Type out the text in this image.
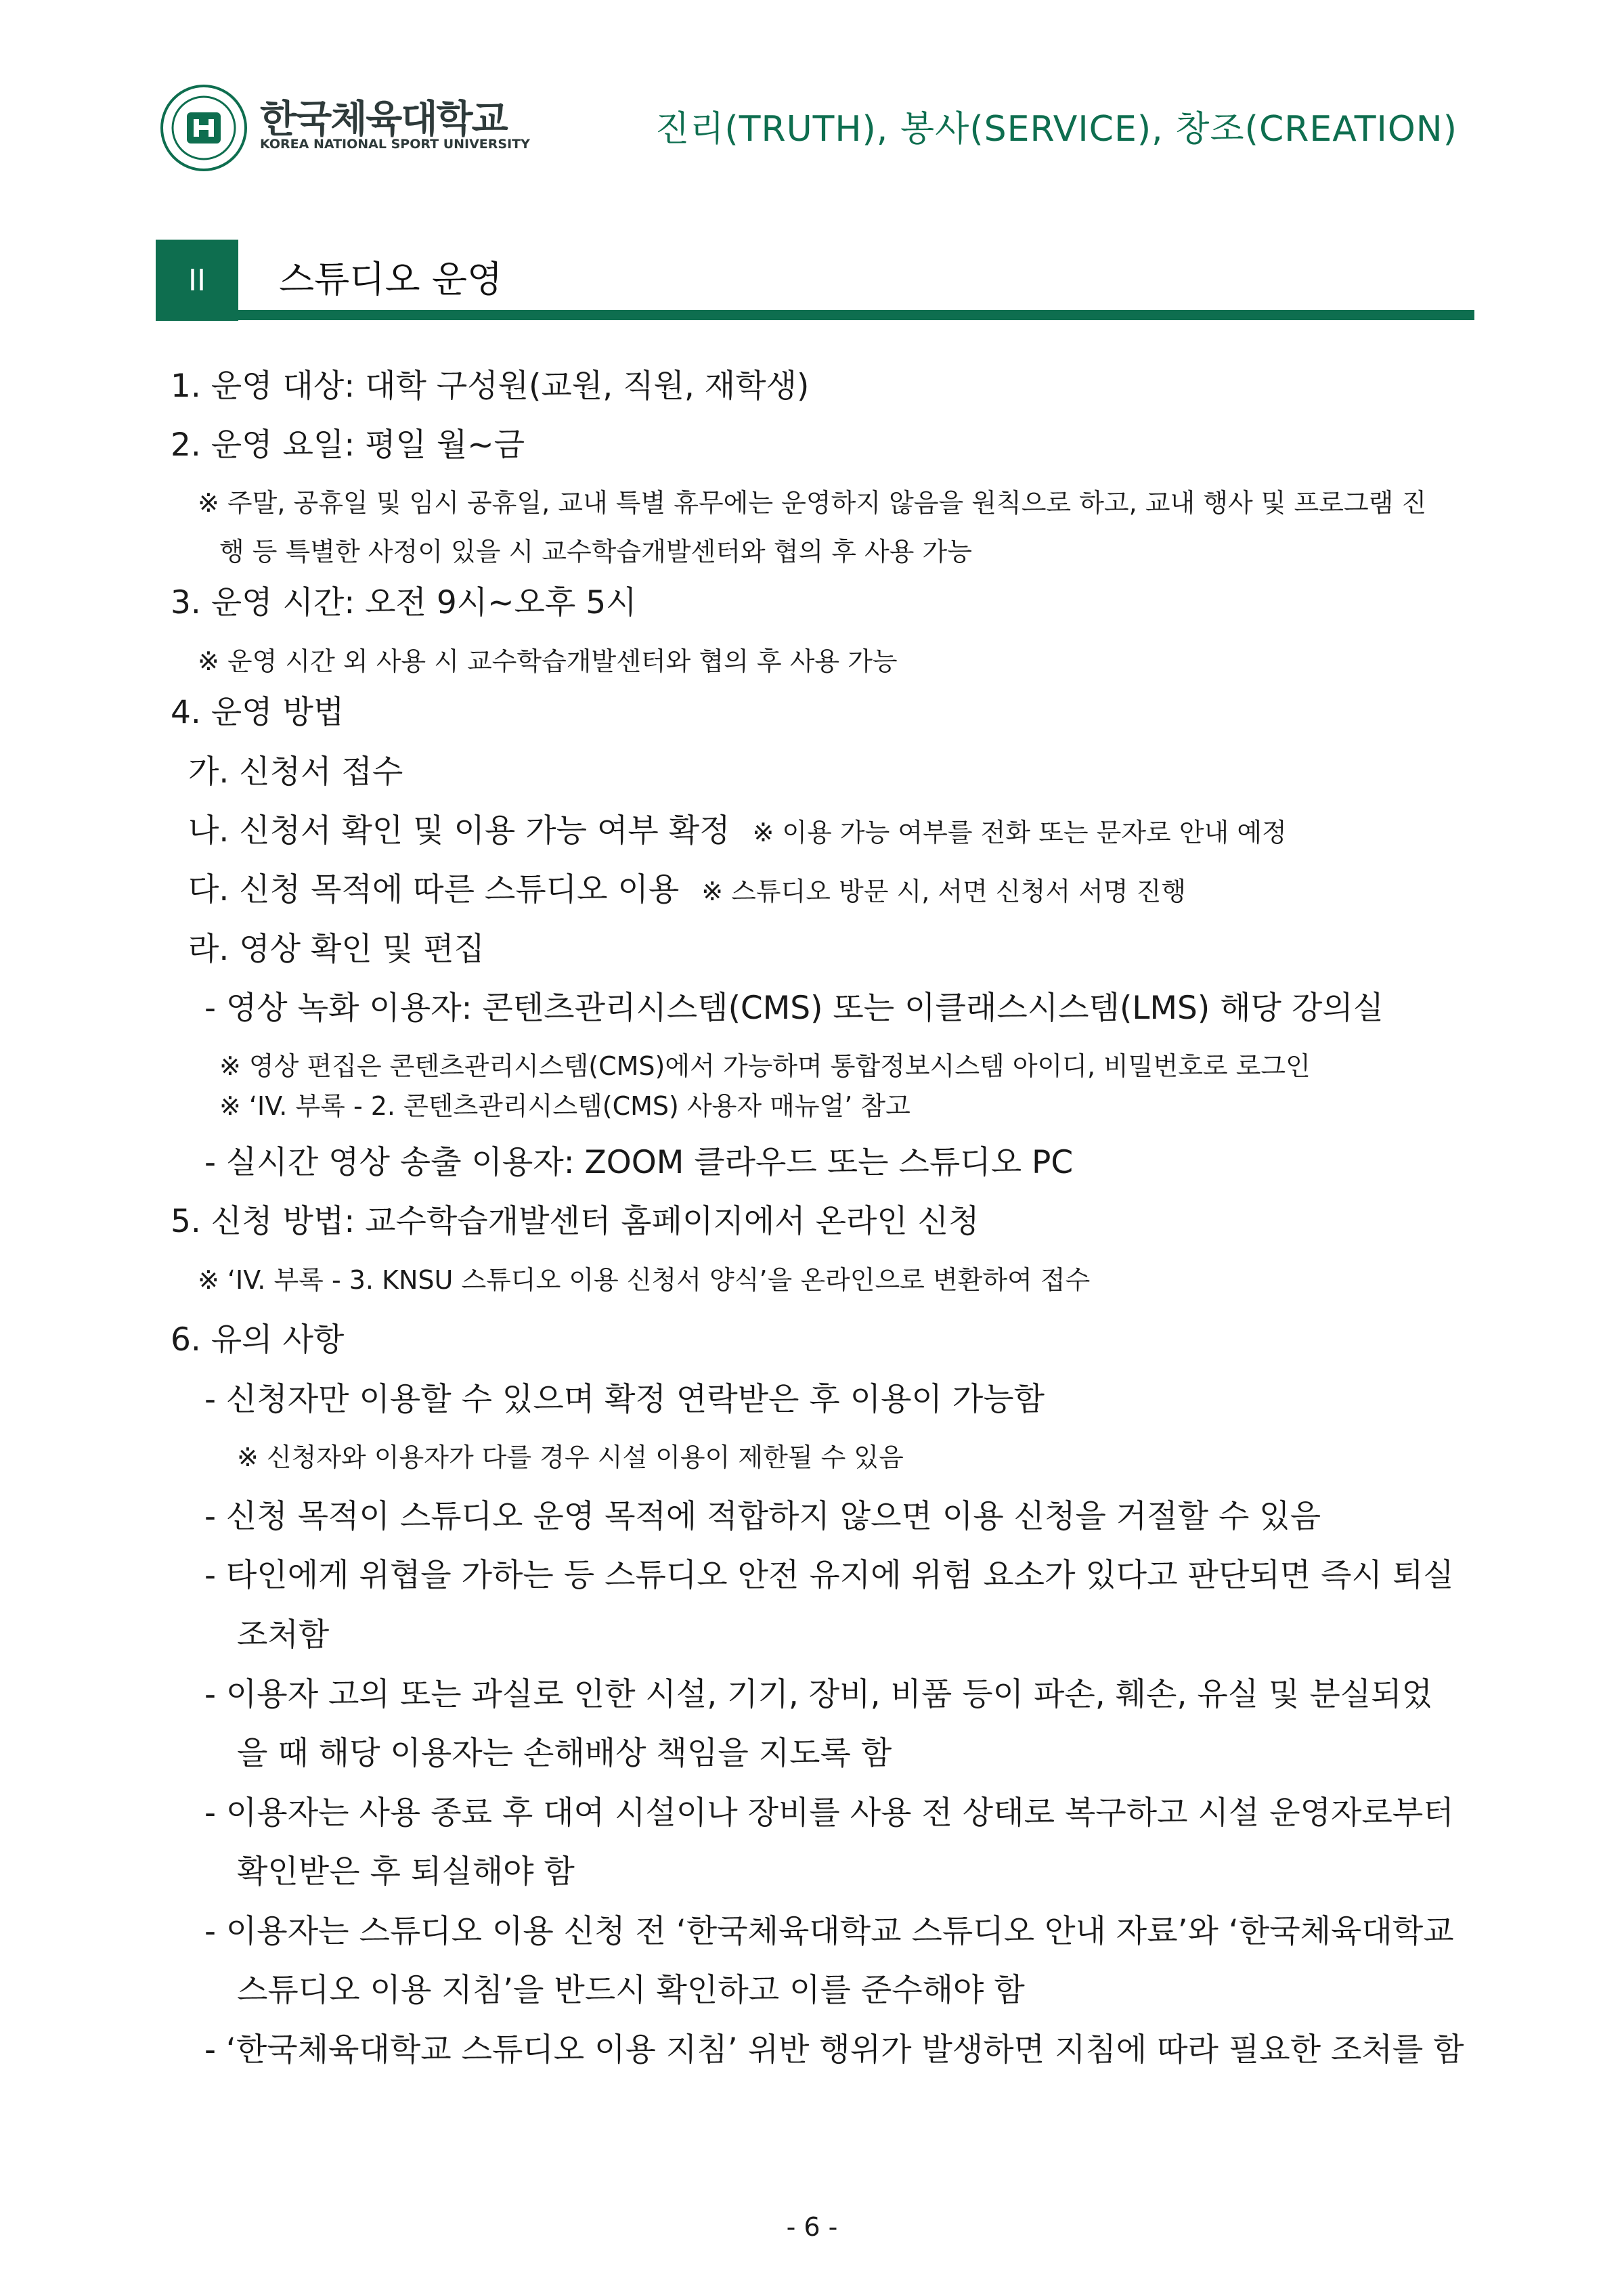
한국체육대학교
KOREA NATIONAL SPORT UNIVERSITY	진리(TRUTH), 봉사(SERVICE), 창조(CREATION)
II 스튜디오 운영
1. 운영 대상: 대학 구성원(교원, 직원, 재학생)
2. 운영 요일: 평일 월~금
※ 주말, 공휴일 및 임시 공휴일, 교내 특별 휴무에는 운영하지 않음을 원칙으로 하고, 교내 행사 및 프로그램 진
행 등 특별한 사정이 있을 시 교수학습개발센터와 협의 후 사용 가능
3. 운영 시간: 오전 9시~오후 5시
※ 운영 시간 외 사용 시 교수학습개발센터와 협의 후 사용 가능
4. 운영 방법
가. 신청서 접수
나. 신청서 확인 및 이용 가능 여부 확정 ※ 이용 가능 여부를 전화 또는 문자로 안내 예정
다. 신청 목적에 따른 스튜디오 이용 ※ 스튜디오 방문 시, 서면 신청서 서명 진행
라. 영상 확인 및 편집
- 영상 녹화 이용자: 콘텐츠관리시스템(CMS) 또는 이클래스시스템(LMS) 해당 강의실
※ 영상 편집은 콘텐츠관리시스템(CMS)에서 가능하며 통합정보시스템 아이디, 비밀번호로 로그인
※ ‘IV. 부록 - 2. 콘텐츠관리시스템(CMS) 사용자 매뉴얼’ 참고
- 실시간 영상 송출 이용자: ZOOM 클라우드 또는 스튜디오 PC
5. 신청 방법: 교수학습개발센터 홈페이지에서 온라인 신청
※ ‘IV. 부록 - 3. KNSU 스튜디오 이용 신청서 양식’을 온라인으로 변환하여 접수
6. 유의 사항
- 신청자만 이용할 수 있으며 확정 연락받은 후 이용이 가능함
※ 신청자와 이용자가 다를 경우 시설 이용이 제한될 수 있음
- 신청 목적이 스튜디오 운영 목적에 적합하지 않으면 이용 신청을 거절할 수 있음
- 타인에게 위협을 가하는 등 스튜디오 안전 유지에 위험 요소가 있다고 판단되면 즉시 퇴실
조처함
- 이용자 고의 또는 과실로 인한 시설, 기기, 장비, 비품 등이 파손, 훼손, 유실 및 분실되었
을 때 해당 이용자는 손해배상 책임을 지도록 함
- 이용자는 사용 종료 후 대여 시설이나 장비를 사용 전 상태로 복구하고 시설 운영자로부터
확인받은 후 퇴실해야 함
- 이용자는 스튜디오 이용 신청 전 ‘한국체육대학교 스튜디오 안내 자료’와 ‘한국체육대학교
스튜디오 이용 지침’을 반드시 확인하고 이를 준수해야 함
- ‘한국체육대학교 스튜디오 이용 지침’ 위반 행위가 발생하면 지침에 따라 필요한 조처를 함
- 6 -
